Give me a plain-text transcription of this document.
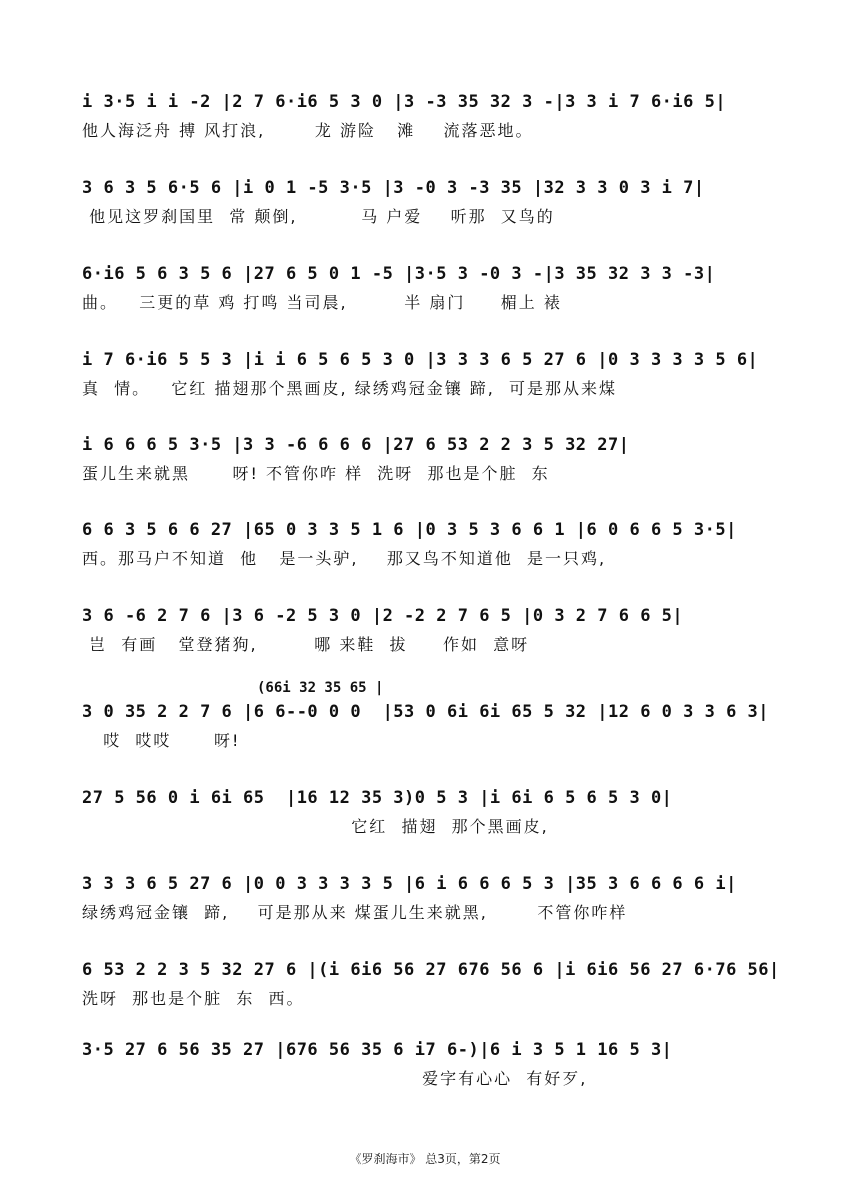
i 3·5 i i -2 |2 7 6·i6 5 3 0 |3 -3 35 32 3 -|3 3 i 7 6·i6 5|
他人海泛舟 搏 风打浪,       龙 游险   滩    流落恶地。
3 6 3 5 6·5 6 |i 0 1 -5 3·5 |3 -0 3 -3 35 |32 3 3 0 3 i 7|
他见这罗刹国里  常 颠倒,         马 户爱    听那  又鸟的
6·i6 5 6 3 5 6 |27 6 5 0 1 -5 |3·5 3 -0 3 -|3 35 32 3 3 -3|
曲。   三更的草 鸡 打鸣 当司晨,        半 扇门     楣上 裱
i 7 6·i6 5 5 3 |i i 6 5 6 5 3 0 |3 3 3 6 5 27 6 |0 3 3 3 3 5 6|
真  情。   它红 描翅那个黑画皮, 绿绣鸡冠金镶 蹄,  可是那从来煤
i 6 6 6 5 3·5 |3 3 -6 6 6 6 |27 6 53 2 2 3 5 32 27|
蛋儿生来就黑      呀! 不管你咋 样  洗呀  那也是个脏  东
6 6 3 5 6 6 27 |65 0 3 3 5 1 6 |0 3 5 3 6 6 1 |6 0 6 6 5 3·5|
西。那马户不知道  他   是一头驴,    那又鸟不知道他  是一只鸡,
3 6 -6 2 7 6 |3 6 -2 5 3 0 |2 -2 2 7 6 5 |0 3 2 7 6 6 5|
岂  有画   堂登猪狗,        哪 来鞋  拔     作如  意呀
(66i 32 35 65 |
3 0 35 2 2 7 6 |6 6--0 0 0  |53 0 6i 6i 65 5 32 |12 6 0 3 3 6 3|
哎  哎哎      呀!
27 5 56 0 i 6i 65  |16 12 35 3)0 5 3 |i 6i 6 5 6 5 3 0|
它红  描翅  那个黑画皮,
3 3 3 6 5 27 6 |0 0 3 3 3 3 5 |6 i 6 6 6 5 3 |35 3 6 6 6 6 i|
绿绣鸡冠金镶  蹄,    可是那从来 煤蛋儿生来就黑,       不管你咋样
6 53 2 2 3 5 32 27 6 |(i 6i6 56 27 676 56 6 |i 6i6 56 27 6·76 56|
洗呀  那也是个脏  东  西。
3·5 27 6 56 35 27 |676 56 35 6 i7 6-)|6 i 3 5 1 16 5 3|
爱字有心心  有好歹,
《罗刹海市》 总3页，第2页
